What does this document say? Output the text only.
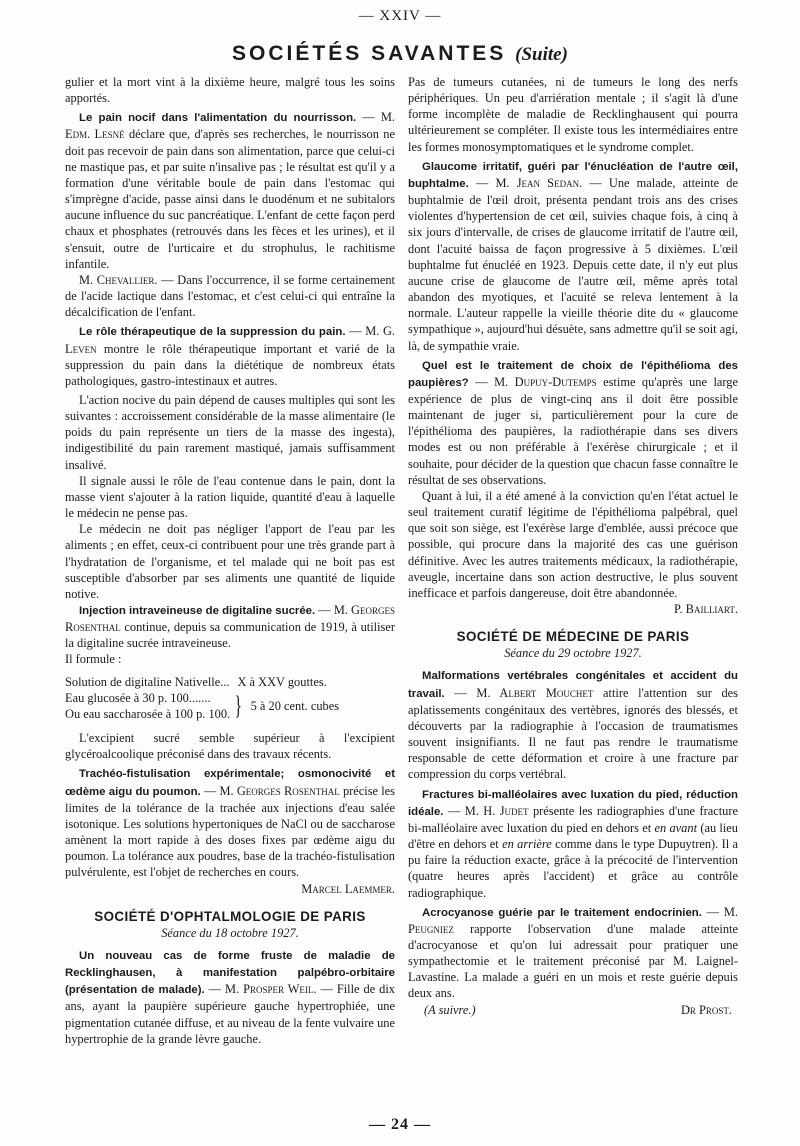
— XXIV —
SOCIÉTÉS SAVANTES (Suite)

gulier et la mort vint à la dixième heure, malgré tous les soins apportés.

Le pain nocif dans l'alimentation du nourrisson. — M. Edm. Lesné déclare que, d'après ses recherches, le nourrisson ne doit pas recevoir de pain dans son alimentation, parce que celui-ci ne mastique pas, et par suite n'insalive pas ; le résultat est qu'il y a formation d'une véritable boule de pain dans l'estomac qui s'imprègne d'acide, passe ainsi dans le duodénum et ne subitalors aucune influence du suc pancréatique. L'enfant de cette façon perd chaux et phosphates (retrouvés dans les fèces et les urines), et il s'ensuit, outre de l'urticaire et du strophulus, le rachitisme infantile.

M. Chevallier. — Dans l'occurrence, il se forme certainement de l'acide lactique dans l'estomac, et c'est celui-ci qui entraîne la décalcification de l'enfant.

Le rôle thérapeutique de la suppression du pain. — M. G. Leven montre le rôle thérapeutique important et varié de la suppression du pain dans la diététique de nombreux états pathologiques, gastro-intestinaux et autres.

L'action nocive du pain dépend de causes multiples qui sont les suivantes : accroissement considérable de la masse alimentaire (le poids du pain représente un tiers de la masse des ingesta), indigestibilité du pain rarement mastiqué, jamais suffisamment insalivé.

Il signale aussi le rôle de l'eau contenue dans le pain, dont la masse vient s'ajouter à la ration liquide, quantité d'eau à laquelle le médecin ne pense pas.

Le médecin ne doit pas négliger l'apport de l'eau par les aliments ; en effet, ceux-ci contribuent pour une très grande part à l'hydratation de l'organisme, et tel malade qui ne boit pas est susceptible d'absorber par ses aliments une quantité de liquide notive.

Injection intraveineuse de digitaline sucrée. — M. Georges Rosenthal continue, depuis sa communication de 1919, à utiliser la digitaline sucrée intraveineuse.

Il formule :

Solution de digitaline Nativelle... X à XXV gouttes.
Eau glucosée à 30 p. 100.......
Ou eau saccharosée à 100 p. 100. } 5 à 20 cent. cubes

L'excipient sucré semble supérieur à l'excipient glycéroalcoolique préconisé dans des travaux récents.

Trachéo-fistulisation expérimentale; osmonocivité et œdème aigu du poumon. — M. Georges Rosenthal précise les limites de la tolérance de la trachée aux injections d'eau salée isotonique. Les solutions hypertoniques de NaCl ou de saccharose amènent la mort rapide à des doses fixes par œdème aigu du poumon. La tolérance aux poudres, base de la trachéo-fistulisation pulvérulente, est l'objet de recherches en cours.

Marcel Laemmer.

SOCIÉTÉ D'OPHTALMOLOGIE DE PARIS
Séance du 18 octobre 1927.

Un nouveau cas de forme fruste de maladie de Recklinghausen, à manifestation palpébro-orbitaire (présentation de malade). — M. Prosper Weil. — Fille de dix ans, ayant la paupière supérieure gauche hypertrophiée, une pigmentation cutanée diffuse, et au niveau de la fente vulvaire une hypertrophie de la grande lèvre gauche.

Pas de tumeurs cutanées, ni de tumeurs le long des nerfs périphériques. Un peu d'arriération mentale ; il s'agit là d'une forme incomplète de maladie de Recklinghausent qui pourra ultérieurement se compléter. Il existe tous les intermédiaires entre les formes monosymptomatiques et le syndrome complet.

Glaucome irritatif, guéri par l'énucléation de l'autre œil, buphtalme. — M. Jean Sedan. — Une malade, atteinte de buphtalmie de l'œil droit, présenta pendant trois ans des crises violentes d'hypertension de cet œil, suivies chaque fois, à cinq à six jours d'intervalle, de crises de glaucome irritatif de l'autre œil, dont l'acuité baissa de façon progressive à 5 dixièmes. L'œil buphtalme fut énucléé en 1923. Depuis cette date, il n'y eut plus aucune crise de glaucome de l'autre œil, même après total abandon des myotiques, et l'acuité se releva lentement à la normale. L'auteur rappelle la vieille théorie dite du « glaucome sympathique », aujourd'hui désuète, sans admettre qu'il se soit agi, là, de sympathie vraie.

Quel est le traitement de choix de l'épithélioma des paupières? — M. Dupuy-Dutemps estime qu'après une large expérience de plus de vingt-cinq ans il doit être possible maintenant de juger si, particulièrement pour la cure de l'épithélioma des paupières, la radiothérapie dans ses divers modes est ou non préférable à l'exérèse chirurgicale ; et il souhaite, pour décider de la question que chacun fasse connaître le résultat de ses observations.

Quant à lui, il a été amené à la conviction qu'en l'état actuel le seul traitement curatif légitime de l'épithélioma palpébral, quel que soit son siège, est l'exérèse large d'emblée, aussi précoce que possible, qui procure dans la majorité des cas une guérison définitive. Avec les autres traitements médicaux, la radiothérapie, aveugle, incertaine dans son action destructive, le plus souvent inefficace et parfois dangereuse, doit être abandonnée.

P. Bailliart.

SOCIÉTÉ DE MÉDECINE DE PARIS
Séance du 29 octobre 1927.

Malformations vertébrales congénitales et accident du travail. — M. Albert Mouchet attire l'attention sur des aplatissements congénitaux des vertèbres, ignorés des blessés, et découverts par la radiographie à l'occasion de traumatismes souvent insignifiants. Il ne faut pas rendre le traumatisme responsable de cette déformation et croire à une fracture par compression du corps vertébral.

Fractures bi-malléolaires avec luxation du pied, réduction idéale. — M. H. Judet présente les radiographies d'une fracture bi-malléolaire avec luxation du pied en dehors et en avant (au lieu d'être en dehors et en arrière comme dans le type Dupuytren). Il a pu faire la réduction exacte, grâce à la précocité de l'intervention (quatre heures après l'accident) et grâce au contrôle radiographique.

Acrocyanose guérie par le traitement endocrinien. — M. Peugniez rapporte l'observation d'une malade atteinte d'acrocyanose et qu'on lui adressait pour pratiquer une sympathectomie et le traitement préconisé par M. Laignel-Lavastine. La malade a guéri en un mois et reste guérie depuis deux ans.

(A suivre.)	Dr Prost.
— 24 —
